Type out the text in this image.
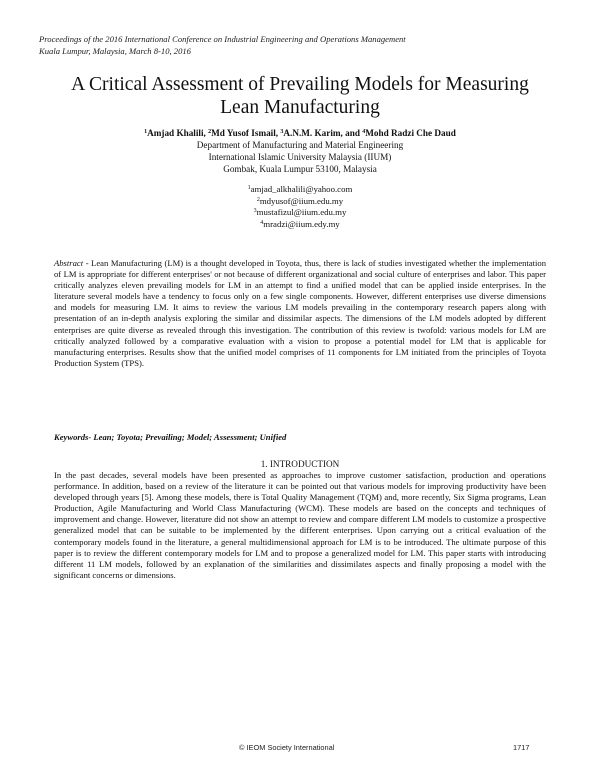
Proceedings of the 2016 International Conference on Industrial Engineering and Operations Management
Kuala Lumpur, Malaysia, March 8-10, 2016
A Critical Assessment of Prevailing Models for Measuring
Lean Manufacturing
$^1$Amjad Khalili, $^2$Md Yusof Ismail, $^3$A.N.M. Karim, and $^4$Mohd Radzi Che Daud
Department of Manufacturing and Material Engineering
International Islamic University Malaysia (IIUM)
Gombak, Kuala Lumpur 53100, Malaysia
$^1$amjad_alkhalili@yahoo.com
$^2$mdyusof@iium.edu.my
$^3$mustafizul@iium.edu.my
$^4$mradzi@iium.edy.my

Abstract - Lean Manufacturing (LM) is a thought developed in Toyota, thus, there is lack of studies investigated whether the implementation of LM is appropriate for different enterprises' or not because of different organizational and social culture of enterprises and labor. This paper critically analyzes eleven prevailing models for LM in an attempt to find a unified model that can be applied inside enterprises. In the literature several models have a tendency to focus only on a few single components. However, different enterprises use diverse dimensions and models for measuring LM. It aims to review the various LM models prevailing in the contemporary research papers along with presentation of an in-depth analysis exploring the similar and dissimilar aspects. The dimensions of the LM models adopted by different enterprises are quite diverse as revealed through this investigation. The contribution of this review is twofold: various models for LM are critically analyzed followed by a comparative evaluation with a vision to propose a potential model for LM that is applicable for manufacturing enterprises. Results show that the unified model comprises of 11 components for LM initiated from the principles of Toyota Production System (TPS).

Keywords- Lean; Toyota; Prevailing; Model; Assessment; Unified
1. INTRODUCTION

In the past decades, several models have been presented as approaches to improve customer satisfaction, production and operations performance. In addition, based on a review of the literature it can be pointed out that various models for improving productivity have been developed through years [5]. Among these models, there is Total Quality Management (TQM) and, more recently, Six Sigma programs, Lean Production, Agile Manufacturing and World Class Manufacturing (WCM). These models are based on the concepts and techniques of improvement and change. However, literature did not show an attempt to review and compare different LM models to customize a prospective generalized model that can be suitable to be implemented by the different enterprises. Upon carrying out a critical evaluation of the contemporary models found in the literature, a general multidimensional approach for LM is to be introduced. The ultimate purpose of this paper is to review the different contemporary models for LM and to propose a generalized model for LM. This paper starts with introducing different 11 LM models, followed by an explanation of the similarities and dissimilates aspects and finally proposing a model with the significant concerns or dimensions.

© IEOM Society International	1717
